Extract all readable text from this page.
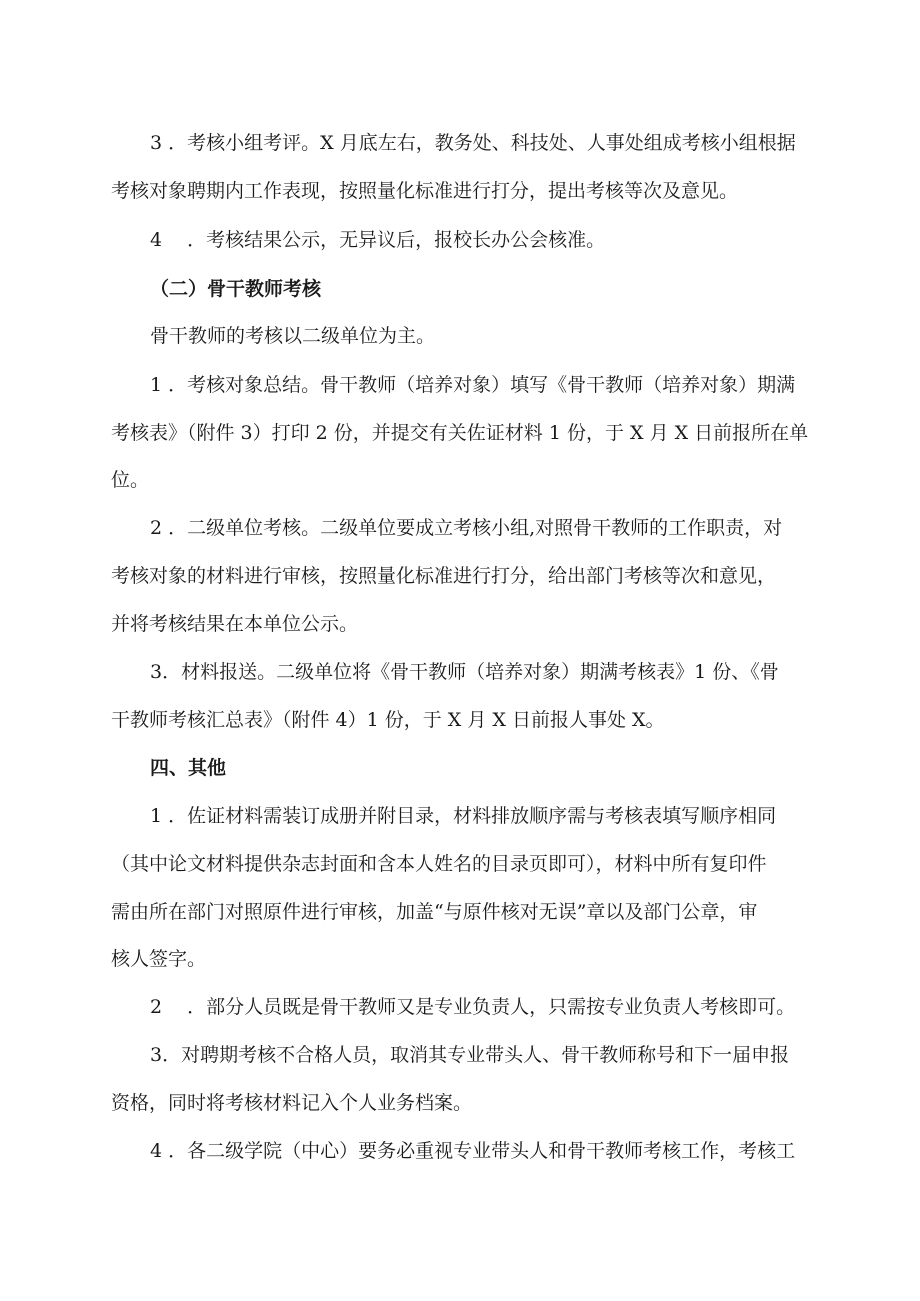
3 ．考核小组考评。X 月底左右，教务处、科技处、人事处组成考核小组根据
考核对象聘期内工作表现，按照量化标准进行打分，提出考核等次及意见。
4 　．考核结果公示，无异议后，报校长办公会核准。
（二）骨干教师考核
骨干教师的考核以二级单位为主。
1 ．考核对象总结。骨干教师（培养对象）填写《骨干教师（培养对象）期满
考核表》（附件 3）打印 2 份，并提交有关佐证材料 1 份，于 X 月 X 日前报所在单
位。
2 ．二级单位考核。二级单位要成立考核小组,对照骨干教师的工作职责，对
考核对象的材料进行审核，按照量化标准进行打分，给出部门考核等次和意见，
并将考核结果在本单位公示。
3．材料报送。二级单位将《骨干教师（培养对象）期满考核表》1 份、《骨
干教师考核汇总表》（附件 4）1 份，于 X 月 X 日前报人事处 X。
四、其他
1 ．佐证材料需装订成册并附目录，材料排放顺序需与考核表填写顺序相同
（其中论文材料提供杂志封面和含本人姓名的目录页即可），材料中所有复印件
需由所在部门对照原件进行审核，加盖“与原件核对无误”章以及部门公章，审
核人签字。
2 　．部分人员既是骨干教师又是专业负责人，只需按专业负责人考核即可。
3．对聘期考核不合格人员，取消其专业带头人、骨干教师称号和下一届申报
资格，同时将考核材料记入个人业务档案。
4 ．各二级学院（中心）要务必重视专业带头人和骨干教师考核工作，考核工
